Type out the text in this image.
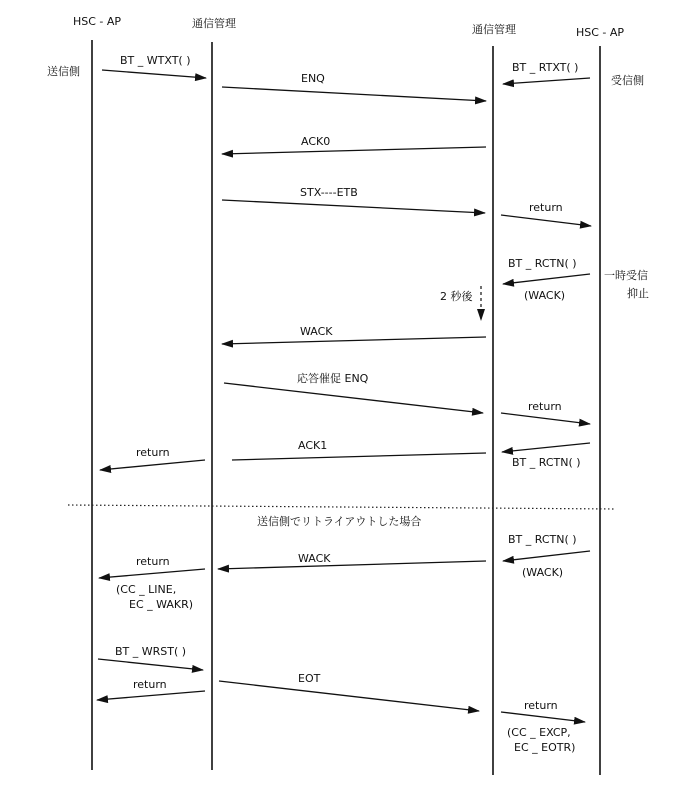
HSC - AP	通信管理	通信管理	HSC - AP
送信側
受信側
一時受信
抑止
2 秒後
BT _ WTXT( )
BT _ RTXT( )
ENQ
ACK0
STX----ETB
return
BT _ RCTN( )
(WACK)
WACK
応答催促 ENQ
return
ACK1
BT _ RCTN( )
return
送信側でリトライアウトした場合
BT _ RCTN( )
(WACK)
WACK
return
(CC _ LINE,
EC _ WAKR)
BT _ WRST( )
return	EOT
return
(CC _ EXCP,
EC _ EOTR)
